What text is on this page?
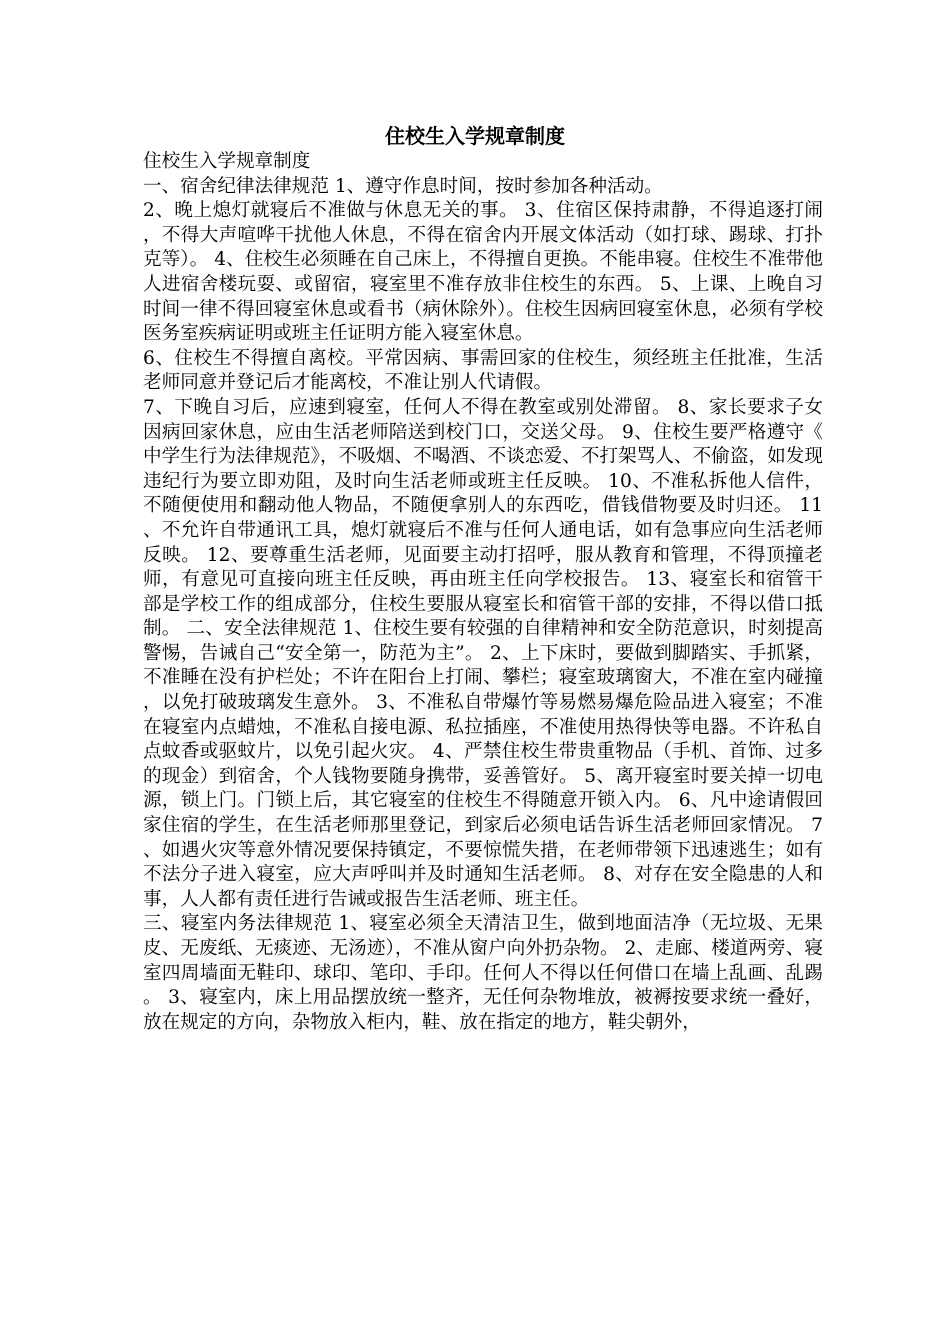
住校生入学规章制度

住校生入学规章制度

一、宿舍纪律法律规范 1、遵守作息时间，按时参加各种活动。

2、晚上熄灯就寝后不准做与休息无关的事。 3、住宿区保持肃静，不得追逐打闹，不得大声喧哗干扰他人休息，不得在宿舍内开展文体活动（如打球、踢球、打扑克等）。 4、住校生必须睡在自己床上，不得擅自更换。不能串寝。住校生不准带他人进宿舍楼玩耍、或留宿，寝室里不准存放非住校生的东西。 5、上课、上晚自习时间一律不得回寝室休息或看书（病休除外）。住校生因病回寝室休息，必须有学校医务室疾病证明或班主任证明方能入寝室休息。

6、住校生不得擅自离校。平常因病、事需回家的住校生，须经班主任批准，生活老师同意并登记后才能离校，不准让别人代请假。

7、下晚自习后，应速到寝室，任何人不得在教室或别处滞留。 8、家长要求子女因病回家休息，应由生活老师陪送到校门口，交送父母。 9、住校生要严格遵守《中学生行为法律规范》，不吸烟、不喝酒、不谈恋爱、不打架骂人、不偷盗，如发现违纪行为要立即劝阻，及时向生活老师或班主任反映。 10、不准私拆他人信件，不随便使用和翻动他人物品，不随便拿别人的东西吃，借钱借物要及时归还。 11、不允许自带通讯工具，熄灯就寝后不准与任何人通电话，如有急事应向生活老师反映。 12、要尊重生活老师，见面要主动打招呼，服从教育和管理，不得顶撞老师，有意见可直接向班主任反映，再由班主任向学校报告。 13、寝室长和宿管干部是学校工作的组成部分，住校生要服从寝室长和宿管干部的安排，不得以借口抵制。 二、安全法律规范 1、住校生要有较强的自律精神和安全防范意识，时刻提高警惕，告诫自己“安全第一，防范为主”。 2、上下床时，要做到脚踏实、手抓紧，不准睡在没有护栏处；不许在阳台上打闹、攀栏；寝室玻璃窗大，不准在室内碰撞，以免打破玻璃发生意外。 3、不准私自带爆竹等易燃易爆危险品进入寝室；不准在寝室内点蜡烛，不准私自接电源、私拉插座，不准使用热得快等电器。不许私自点蚊香或驱蚊片，以免引起火灾。 4、严禁住校生带贵重物品（手机、首饰、过多的现金）到宿舍，个人钱物要随身携带，妥善管好。 5、离开寝室时要关掉一切电源，锁上门。门锁上后，其它寝室的住校生不得随意开锁入内。 6、凡中途请假回家住宿的学生，在生活老师那里登记，到家后必须电话告诉生活老师回家情况。 7、如遇火灾等意外情况要保持镇定，不要惊慌失措，在老师带领下迅速逃生；如有不法分子进入寝室，应大声呼叫并及时通知生活老师。 8、对存在安全隐患的人和事，人人都有责任进行告诫或报告生活老师、班主任。

三、寝室内务法律规范 1、寝室必须全天清洁卫生，做到地面洁净（无垃圾、无果皮、无废纸、无痰迹、无汤迹），不准从窗户向外扔杂物。 2、走廊、楼道两旁、寝室四周墙面无鞋印、球印、笔印、手印。任何人不得以任何借口在墙上乱画、乱踢。 3、寝室内，床上用品摆放统一整齐，无任何杂物堆放，被褥按要求统一叠好，放在规定的方向，杂物放入柜内，鞋、放在指定的地方，鞋尖朝外，
